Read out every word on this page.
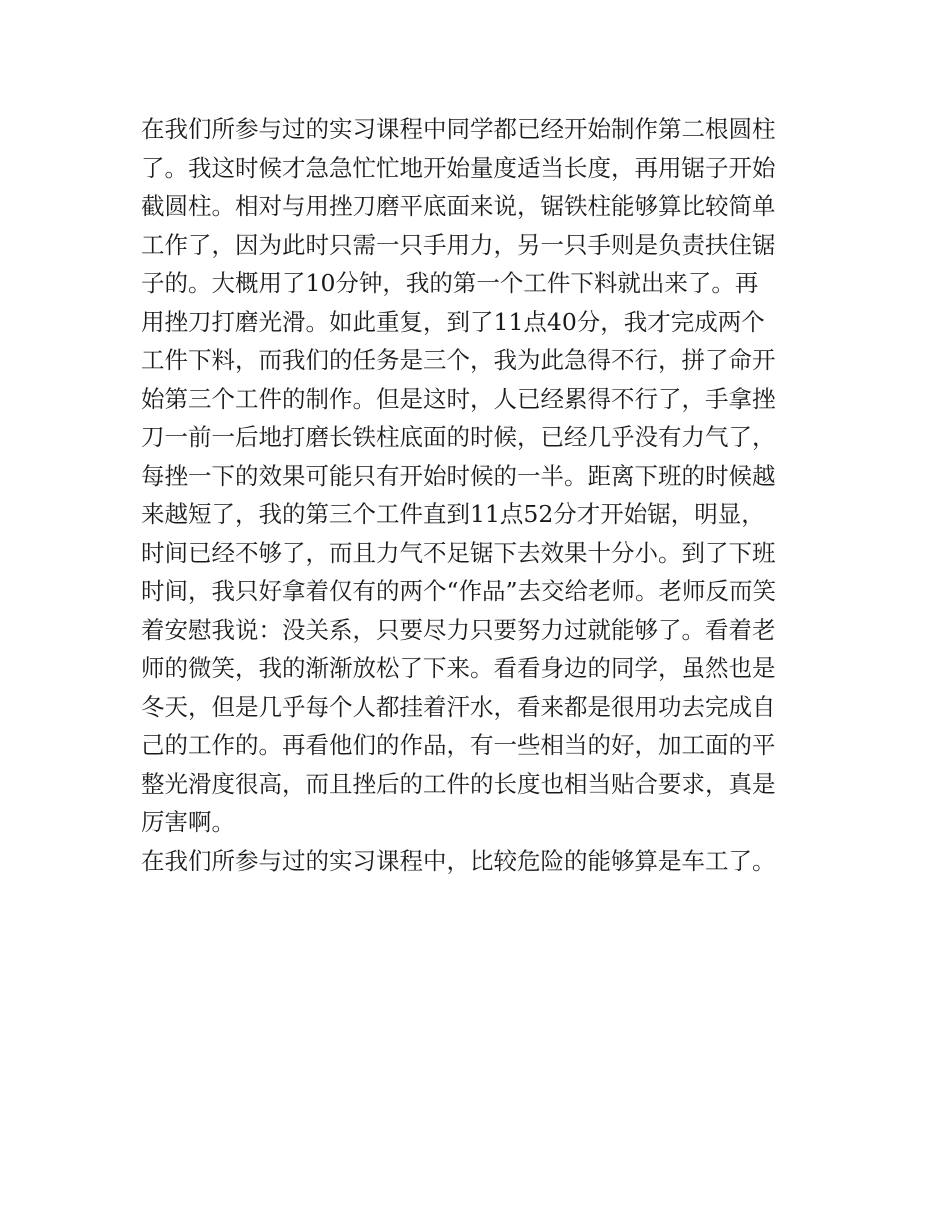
在我们所参与过的实习课程中同学都已经开始制作第二根圆柱

了。我这时候才急急忙忙地开始量度适当长度，再用锯子开始

截圆柱。相对与用挫刀磨平底面来说，锯铁柱能够算比较简单

工作了，因为此时只需一只手用力，另一只手则是负责扶住锯

子的。大概用了10分钟，我的第一个工件下料就出来了。再

用挫刀打磨光滑。如此重复，到了11点40分，我才完成两个

工件下料，而我们的任务是三个，我为此急得不行，拼了命开

始第三个工件的制作。但是这时，人已经累得不行了，手拿挫

刀一前一后地打磨长铁柱底面的时候，已经几乎没有力气了，

每挫一下的效果可能只有开始时候的一半。距离下班的时候越

来越短了，我的第三个工件直到11点52分才开始锯，明显，

时间已经不够了，而且力气不足锯下去效果十分小。到了下班

时间，我只好拿着仅有的两个“作品”去交给老师。老师反而笑

着安慰我说：没关系，只要尽力只要努力过就能够了。看着老

师的微笑，我的渐渐放松了下来。看看身边的同学，虽然也是

冬天，但是几乎每个人都挂着汗水，看来都是很用功去完成自

己的工作的。再看他们的作品，有一些相当的好，加工面的平

整光滑度很高，而且挫后的工件的长度也相当贴合要求，真是

厉害啊。

在我们所参与过的实习课程中，比较危险的能够算是车工了。
